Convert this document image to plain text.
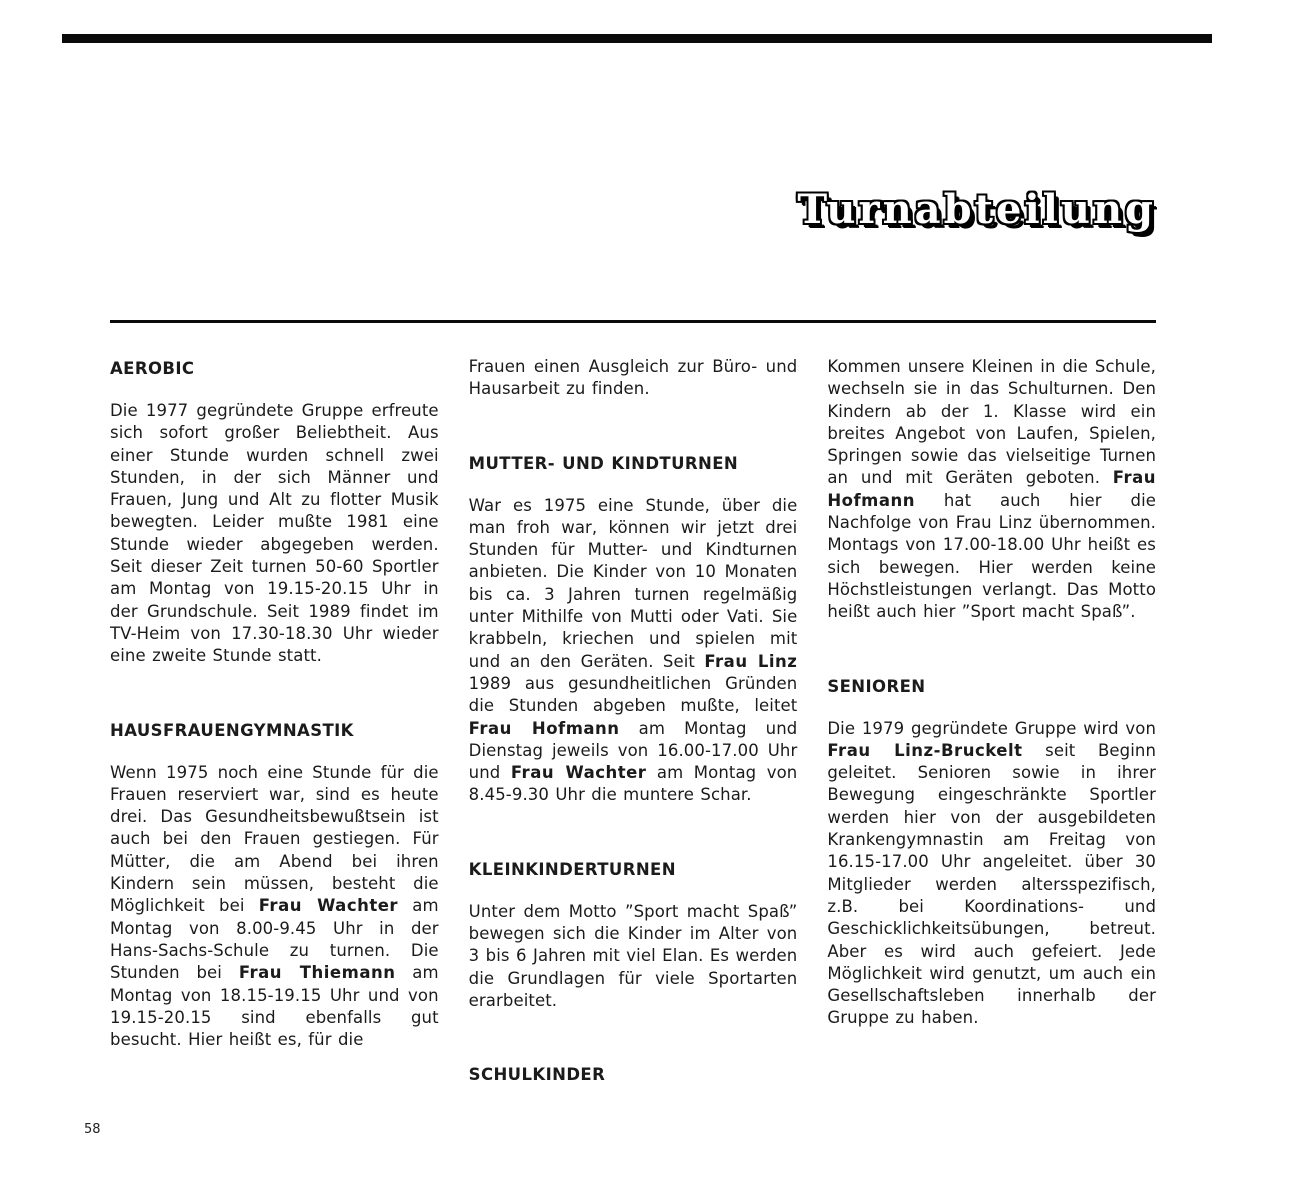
Turnabteilung
AEROBIC

Die 1977 gegründete Gruppe erfreute sich sofort großer Beliebtheit. Aus einer Stunde wurden schnell zwei Stunden, in der sich Männer und Frauen, Jung und Alt zu flotter Musik bewegten. Leider mußte 1981 eine Stunde wieder abgegeben werden. Seit dieser Zeit turnen 50-60 Sportler am Montag von 19.15-20.15 Uhr in der Grundschule. Seit 1989 findet im TV-Heim von 17.30-18.30 Uhr wieder eine zweite Stunde statt.

HAUSFRAUENGYMNASTIK

Wenn 1975 noch eine Stunde für die Frauen reserviert war, sind es heute drei. Das Gesundheitsbewußtsein ist auch bei den Frauen gestiegen. Für Mütter, die am Abend bei ihren Kindern sein müssen, besteht die Möglichkeit bei Frau Wachter am Montag von 8.00-9.45 Uhr in der Hans-Sachs-Schule zu turnen. Die Stunden bei Frau Thiemann am Montag von 18.15-19.15 Uhr und von 19.15-20.15 sind ebenfalls gut besucht. Hier heißt es, für die

Frauen einen Ausgleich zur Büro- und Hausarbeit zu finden.

MUTTER- UND KINDTURNEN

War es 1975 eine Stunde, über die man froh war, können wir jetzt drei Stunden für Mutter- und Kindturnen anbieten. Die Kinder von 10 Monaten bis ca. 3 Jahren turnen regelmäßig unter Mithilfe von Mutti oder Vati. Sie krabbeln, kriechen und spielen mit und an den Geräten. Seit Frau Linz 1989 aus gesundheitlichen Gründen die Stunden abgeben mußte, leitet Frau Hofmann am Montag und Dienstag jeweils von 16.00-17.00 Uhr und Frau Wachter am Montag von 8.45-9.30 Uhr die muntere Schar.

KLEINKINDERTURNEN

Unter dem Motto ”Sport macht Spaß” bewegen sich die Kinder im Alter von 3 bis 6 Jahren mit viel Elan. Es werden die Grundlagen für viele Sportarten erarbeitet.

SCHULKINDER

Kommen unsere Kleinen in die Schule, wechseln sie in das Schulturnen. Den Kindern ab der 1. Klasse wird ein breites Angebot von Laufen, Spielen, Springen sowie das vielseitige Turnen an und mit Geräten geboten. Frau Hofmann hat auch hier die Nachfolge von Frau Linz übernommen. Montags von 17.00-18.00 Uhr heißt es sich bewegen. Hier werden keine Höchstleistungen verlangt. Das Motto heißt auch hier ”Sport macht Spaß”.

SENIOREN

Die 1979 gegründete Gruppe wird von Frau Linz-Bruckelt seit Beginn geleitet. Senioren sowie in ihrer Bewegung eingeschränkte Sportler werden hier von der ausgebildeten Krankengymnastin am Freitag von 16.15-17.00 Uhr angeleitet. über 30 Mitglieder werden altersspezifisch, z.B. bei Koordinations- und Geschicklichkeitsübungen, betreut. Aber es wird auch gefeiert. Jede Möglichkeit wird genutzt, um auch ein Gesellschaftsleben innerhalb der Gruppe zu haben.

58
